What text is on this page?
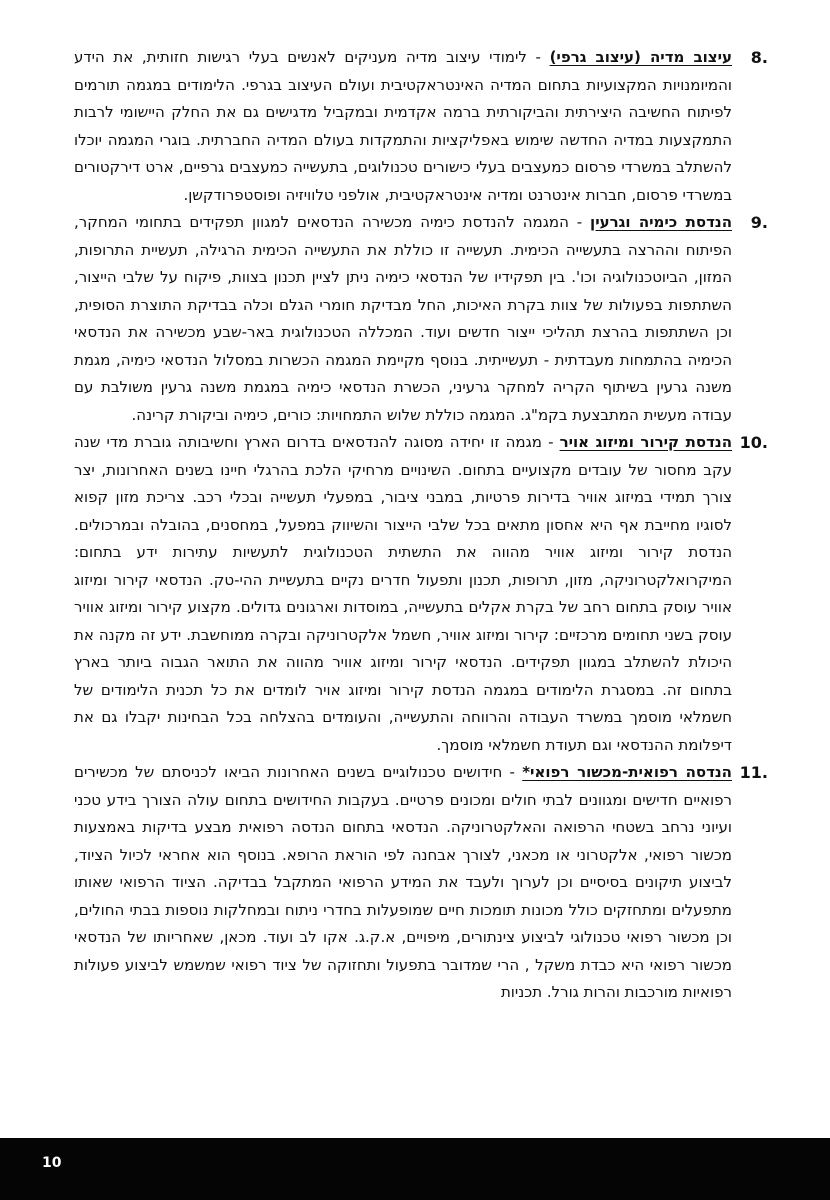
8.

עיצוב מדיה (עיצוב גרפי) - לימודי עיצוב מדיה מעניקים לאנשים בעלי רגישות חזותית, את הידע והמיומנויות המקצועיות בתחום המדיה האינטראקטיבית ועולם העיצוב בגרפי. הלימודים במגמה תורמים לפיתוח החשיבה היצירתית והביקורתית ברמה אקדמית ובמקביל מדגישים גם את החלק היישומי לרבות התמקצעות במדיה החדשה שימוש באפליקציות והתמקדות בעולם המדיה החברתית. בוגרי המגמה יוכלו להשתלב במשרדי פרסום כמעצבים בעלי כישורים טכנולוגים, בתעשייה כמעצבים גרפיים, ארט דירקטורים במשרדי פרסום, חברות אינטרנט ומדיה אינטראקטיבית, אולפני טלוויזיה ופוסטפרודקשן.

9.

הנדסת כימיה וגרעין - המגמה להנדסת כימיה מכשירה הנדסאים למגוון תפקידים בתחומי המחקר, הפיתוח וההרצה בתעשייה הכימית. תעשייה זו כוללת את התעשייה הכימית הרגילה, תעשיית התרופות, המזון, הביוטכנולוגיה וכו'. בין תפקידיו של הנדסאי כימיה ניתן לציין תכנון בצוות, פיקוח על שלבי הייצור, השתתפות בפעולות של צוות בקרת האיכות, החל מבדיקת חומרי הגלם וכלה בבדיקת התוצרת הסופית, וכן השתתפות בהרצת תהליכי ייצור חדשים ועוד. המכללה הטכנולוגית באר-שבע מכשירה את הנדסאי הכימיה בהתמחות מעבדתית - תעשייתית. בנוסף מקיימת המגמה הכשרות במסלול הנדסאי כימיה, מגמת משנה גרעין בשיתוף הקריה למחקר גרעיני, הכשרת הנדסאי כימיה במגמת משנה גרעין משולבת עם עבודה מעשית המתבצעת בקמ"ג. המגמה כוללת שלוש התמחויות: כורים, כימיה וביקורת קרינה.

10.

הנדסת קירור ומיזוג אויר - מגמה זו יחידה מסוגה להנדסאים בדרום הארץ וחשיבותה גוברת מדי שנה עקב מחסור של עובדים מקצועיים בתחום. השינויים מרחיקי הלכת בהרגלי חיינו בשנים האחרונות, יצר צורך תמידי במיזוג אוויר בדירות פרטיות, במבני ציבור, במפעלי תעשייה ובכלי רכב. צריכת מזון קפוא לסוגיו מחייבת אף היא אחסון מתאים בכל שלבי הייצור והשיווק במפעל, במחסנים, בהובלה ובמרכולים. הנדסת קירור ומיזוג אוויר מהווה את התשתית הטכנולוגית לתעשיות עתירות ידע בתחום: המיקרואלקטרוניקה, מזון, תרופות, תכנון ותפעול חדרים נקיים בתעשיית ההי-טק. הנדסאי קירור ומיזוג אוויר עוסק בתחום רחב של בקרת אקלים בתעשייה, במוסדות וארגונים גדולים. מקצוע קירור ומיזוג אוויר עוסק בשני תחומים מרכזיים: קירור ומיזוג אוויר, חשמל אלקטרוניקה ובקרה ממוחשבת. ידע זה מקנה את היכולת להשתלב במגוון תפקידים. הנדסאי קירור ומיזוג אוויר מהווה את התואר הגבוה ביותר בארץ בתחום זה. במסגרת הלימודים במגמה הנדסת קירור ומיזוג אויר לומדים את כל תכנית הלימודים של חשמלאי מוסמך במשרד העבודה והרווחה והתעשייה, והעומדים בהצלחה בכל הבחינות יקבלו גם את דיפלומת ההנדסאי וגם תעודת חשמלאי מוסמך.

11.

הנדסה רפואית-מכשור רפואי* - חידושים טכנולוגיים בשנים האחרונות הביאו לכניסתם של מכשירים רפואיים חדישים ומגוונים לבתי חולים ומכונים פרטיים. בעקבות החידושים בתחום עולה הצורך בידע טכני ועיוני נרחב בשטחי הרפואה והאלקטרוניקה. הנדסאי בתחום הנדסה רפואית מבצע בדיקות באמצעות מכשור רפואי, אלקטרוני או מכאני, לצורך אבחנה לפי הוראת הרופא. בנוסף הוא אחראי לכיול הציוד, לביצוע תיקונים בסיסיים וכן לערוך ולעבד את המידע הרפואי המתקבל בבדיקה. הציוד הרפואי שאותו מתפעלים ומתחזקים כולל מכונות תומכות חיים שמופעלות בחדרי ניתוח ובמחלקות נוספות בבתי החולים, וכן מכשור רפואי טכנולוגי לביצוע צינתורים, מיפויים, א.ק.ג. אקו לב ועוד. מכאן, שאחריותו של הנדסאי מכשור רפואי היא כבדת משקל , הרי שמדובר בתפעול ותחזוקה של ציוד רפואי שמשמש לביצוע פעולות רפואיות מורכבות והרות גורל. תכניות

10
